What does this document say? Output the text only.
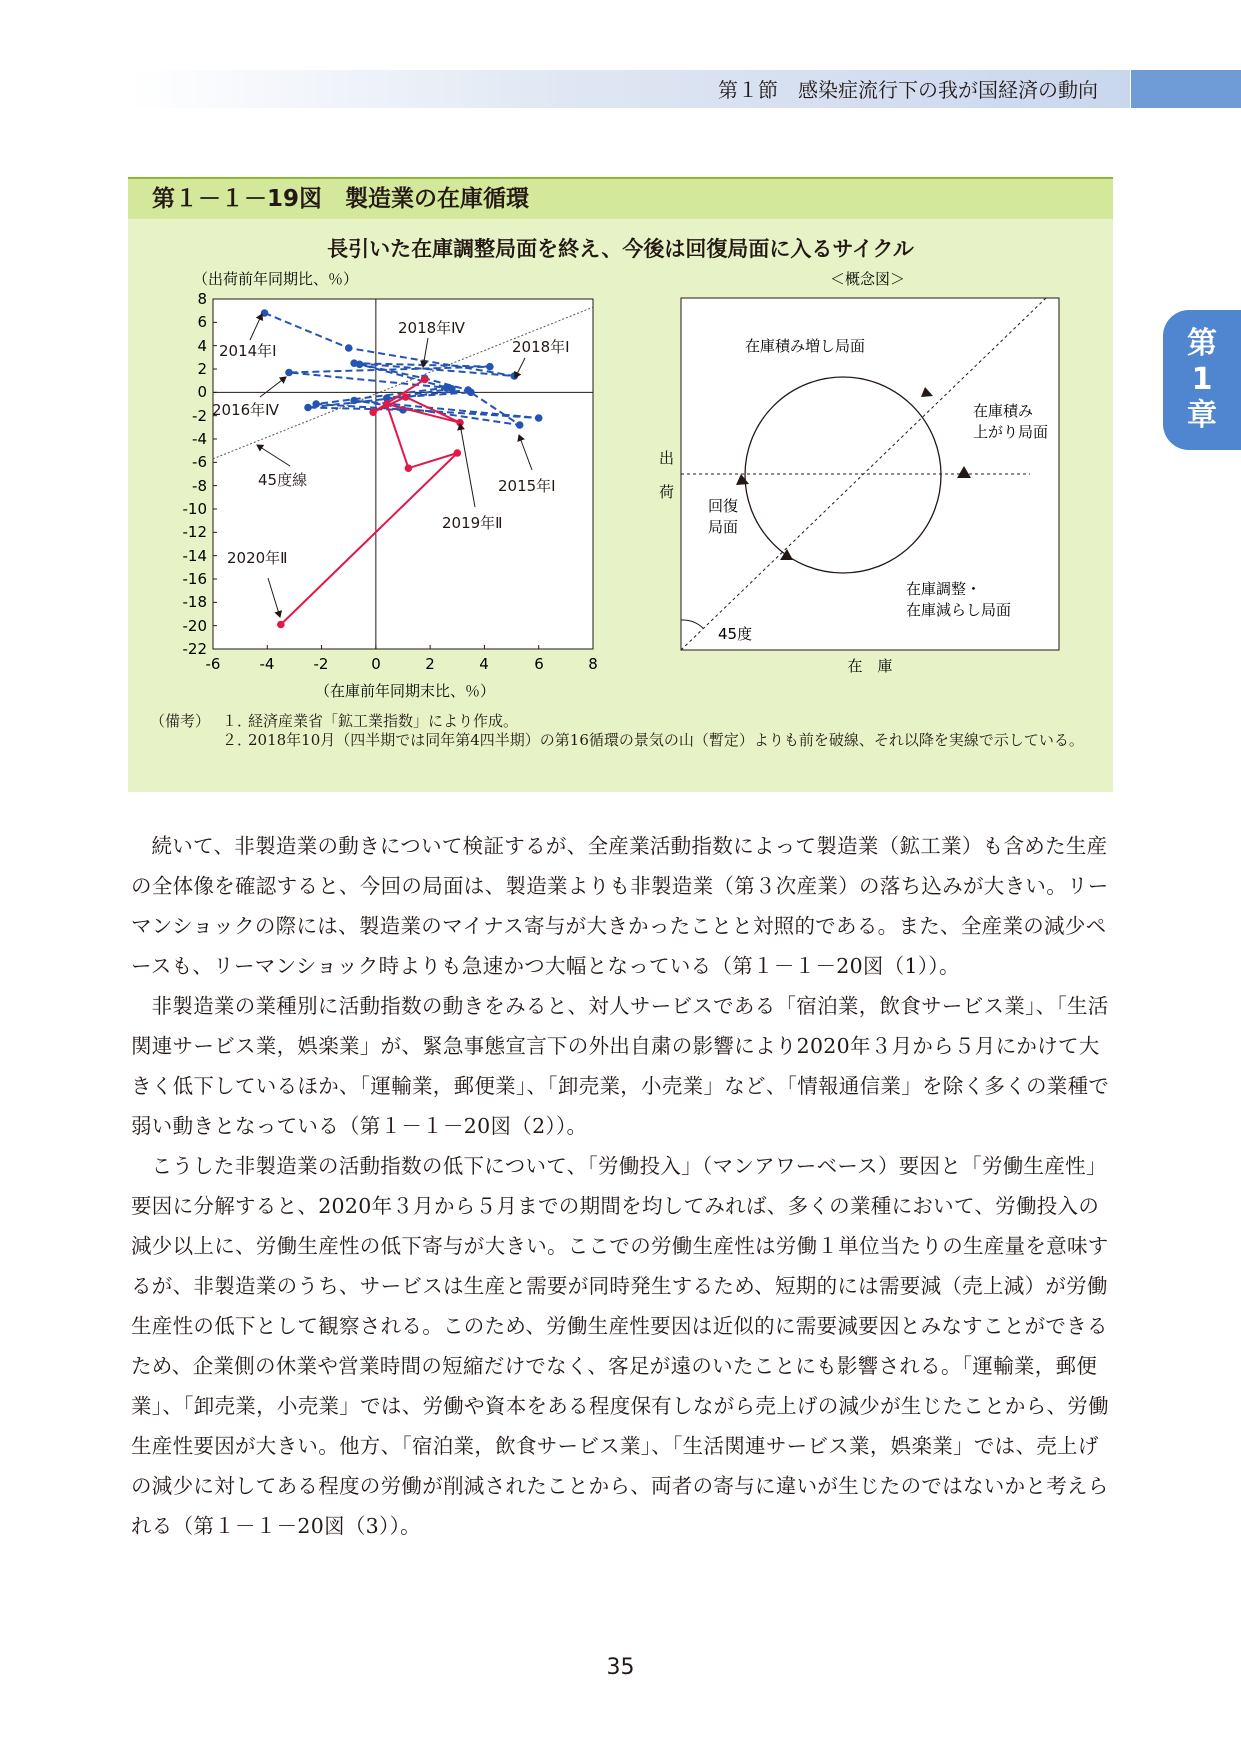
第１節　感染症流行下の我が国経済の動向
第
1
章
第１－１－19図　製造業の在庫循環
長引いた在庫調整局面を終え、今後は回復局面に入るサイクル
（出荷前年同期比、％）
8
6
4
2
0
-2
-4
-6
-8
-10
-12
-14
-16
-18
-20
-22
-6	-4	-2	0	2	4	6	8
（在庫前年同期末比、％）
2014年Ⅰ
2016年Ⅳ
2018年Ⅳ
2018年Ⅰ
45度線	2015年Ⅰ
2019年Ⅱ
2020年Ⅱ
＜概念図＞
在庫積み増し局面
在庫積み
上がり局面
回復
局面
在庫調整・
在庫減らし局面
45度
出
荷
在　庫
（備考） １．
経済産業省「鉱工業指数」により作成。
２．
2018年10月（四半期では同年第4四半期）の第16循環の景気の山（暫定）よりも前を破線、それ以降を実線で示している。

続いて、非製造業の動きについて検証するが、全産業活動指数によって製造業（鉱工業）も含めた生産の全体像を確認すると、今回の局面は、製造業よりも非製造業（第３次産業）の落ち込みが大きい。リーマンショックの際には、製造業のマイナス寄与が大きかったことと対照的である。また、全産業の減少ペースも、リーマンショック時よりも急速かつ大幅となっている（第１－１－20図（1））。

非製造業の業種別に活動指数の動きをみると、対人サービスである「宿泊業，飲食サービス業」、「生活関連サービス業，娯楽業」が、緊急事態宣言下の外出自粛の影響により2020年３月から５月にかけて大きく低下しているほか、「運輸業，郵便業」、「卸売業，小売業」など、「情報通信業」を除く多くの業種で弱い動きとなっている（第１－１－20図（2））。

こうした非製造業の活動指数の低下について、「労働投入」（マンアワーベース）要因と「労働生産性」要因に分解すると、2020年３月から５月までの期間を均してみれば、多くの業種において、労働投入の減少以上に、労働生産性の低下寄与が大きい。ここでの労働生産性は労働１単位当たりの生産量を意味するが、非製造業のうち、サービスは生産と需要が同時発生するため、短期的には需要減（売上減）が労働生産性の低下として観察される。このため、労働生産性要因は近似的に需要減要因とみなすことができるため、企業側の休業や営業時間の短縮だけでなく、客足が遠のいたことにも影響される。「運輸業，郵便業」、「卸売業，小売業」では、労働や資本をある程度保有しながら売上げの減少が生じたことから、労働生産性要因が大きい。他方、「宿泊業，飲食サービス業」、「生活関連サービス業，娯楽業」では、売上げの減少に対してある程度の労働が削減されたことから、両者の寄与に違いが生じたのではないかと考えられる（第１－１－20図（3））。

35
